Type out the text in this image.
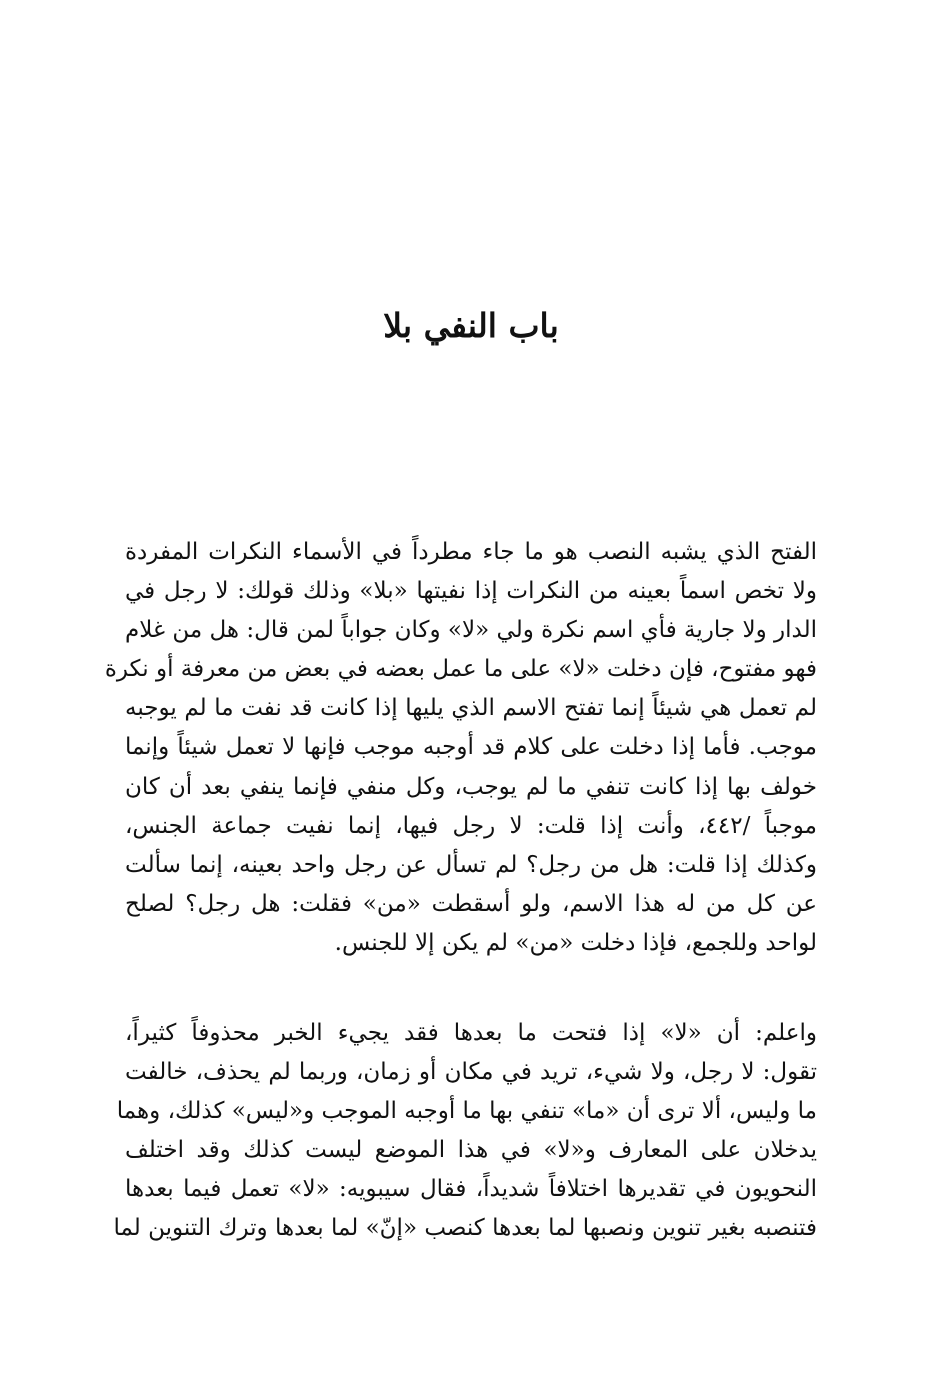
باب النفي بلا
الفتح الذي يشبه النصب هو ما جاء مطرداً في الأسماء النكرات المفردة
ولا تخص اسماً بعينه من النكرات إذا نفيتها «بلا» وذلك قولك: لا رجل في
الدار ولا جارية فأي اسم نكرة ولي «لا» وكان جواباً لمن قال: هل من غلام
فهو مفتوح، فإن دخلت «لا» على ما عمل بعضه في بعض من معرفة أو نكرة
لم تعمل هي شيئاً إنما تفتح الاسم الذي يليها إذا كانت قد نفت ما لم يوجبه
موجب. فأما إذا دخلت على كلام قد أوجبه موجب فإنها لا تعمل شيئاً وإنما
خولف بها إذا كانت تنفي ما لم يوجب، وكل منفي فإنما ينفي بعد أن كان
موجباً /٤٤٢، وأنت إذا قلت: لا رجل فيها، إنما نفيت جماعة الجنس،
وكذلك إذا قلت: هل من رجل؟ لم تسأل عن رجل واحد بعينه، إنما سألت
عن كل من له هذا الاسم، ولو أسقطت «من» فقلت: هل رجل؟ لصلح
لواحد وللجمع، فإذا دخلت «من» لم يكن إلا للجنس.
واعلم: أن «لا» إذا فتحت ما بعدها فقد يجيء الخبر محذوفاً كثيراً،
تقول: لا رجل، ولا شيء، تريد في مكان أو زمان، وربما لم يحذف، خالفت
ما وليس، ألا ترى أن «ما» تنفي بها ما أوجبه الموجب و«ليس» كذلك، وهما
يدخلان على المعارف و«لا» في هذا الموضع ليست كذلك وقد اختلف
النحويون في تقديرها اختلافاً شديداً، فقال سيبويه: «لا» تعمل فيما بعدها
فتنصبه بغير تنوين ونصبها لما بعدها كنصب «إنّ» لما بعدها وترك التنوين لما
